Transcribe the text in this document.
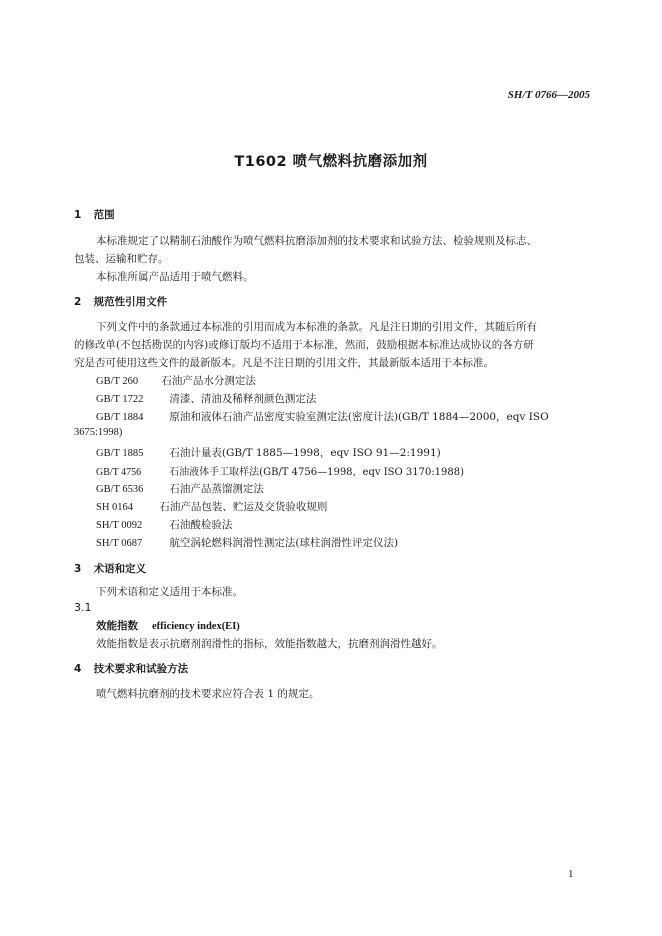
SH/T 0766—2005
T1602 喷气燃料抗磨添加剂
1 范围
本标准规定了以精制石油酸作为喷气燃料抗磨添加剂的技术要求和试验方法、检验规则及标志、
包装、运输和贮存。
本标准所属产品适用于喷气燃料。
2 规范性引用文件
下列文件中的条款通过本标准的引用而成为本标准的条款。凡是注日期的引用文件，其随后所有
的修改单(不包括勘误的内容)或修订版均不适用于本标准，然而，鼓励根据本标准达成协议的各方研
究是否可使用这些文件的最新版本。凡是不注日期的引用文件，其最新版本适用于本标准。
GB/T 260 石油产品水分测定法
GB/T 1722 清漆、清油及稀释剂颜色测定法
GB/T 1884 原油和液体石油产品密度实验室测定法(密度计法)(GB/T 1884—2000，eqv ISO
3675:1998)
GB/T 1885 石油计量表(GB/T 1885—1998，eqv ISO 91—2:1991)
GB/T 4756	石油液体手工取样法(GB/T 4756—1998，eqv ISO 3170:1988)
GB/T 6536 石油产品蒸馏测定法
SH 0164	石油产品包装、贮运及交货验收规则
SH/T 0092	石油酸检验法
SH/T 0687	航空涡轮燃料润滑性测定法(球柱润滑性评定仪法)
3 术语和定义
下列术语和定义适用于本标准。
3.1
效能指数 efficiency index(EI)
效能指数是表示抗磨剂润滑性的指标，效能指数越大，抗磨剂润滑性越好。
4 技术要求和试验方法
喷气燃料抗磨剂的技术要求应符合表 1 的规定。
1
